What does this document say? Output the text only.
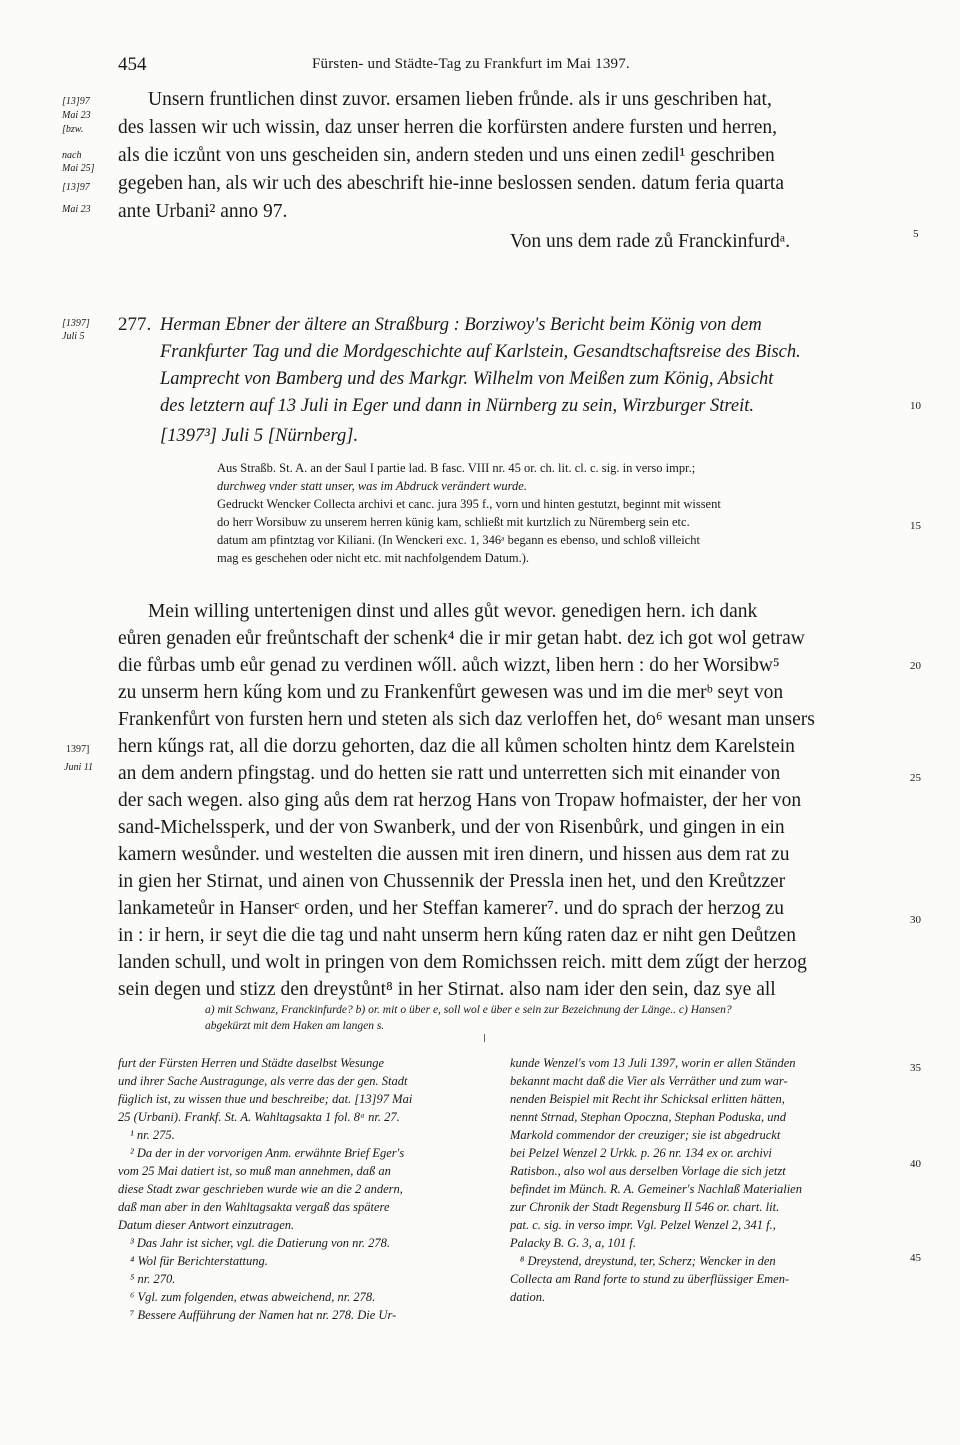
454	Fürsten- und Städte-Tag zu Frankfurt im Mai 1397.
[13]97
Mai 23
[bzw.
nach
Mai 25]
[13]97
Mai 23
Unsern fruntlichen dinst zuvor. ersamen lieben frůnde. als ir uns geschriben hat,
des lassen wir uch wissin, daz unser herren die korfürsten andere fursten und herren,
als die iczůnt von uns gescheiden sin, andern steden und uns einen zedil¹ geschriben
gegeben han, als wir uch des abeschrift hie-inne beslossen senden. datum feria quarta
ante Urbani² anno 97.
Von uns dem rade zů Franckinfurdᵃ.
[1397]
Juli 5
277. Herman Ebner der ältere an Straßburg : Borziwoy's Bericht beim König von dem
Frankfurter Tag und die Mordgeschichte auf Karlstein, Gesandtschaftsreise des Bisch.
Lamprecht von Bamberg und des Markgr. Wilhelm von Meißen zum König, Absicht
des letztern auf 13 Juli in Eger und dann in Nürnberg zu sein, Wirzburger Streit.
[1397³] Juli 5 [Nürnberg].
Aus Straßb. St. A. an der Saul I partie lad. B fasc. VIII nr. 45 or. ch. lit. cl. c. sig. in verso impr.;
durchweg vnder statt unser, was im Abdruck verändert wurde.
Gedruckt Wencker Collecta archivi et canc. jura 395 f., vorn und hinten gestutzt, beginnt mit wissent
do herr Worsibuw zu unserem herren künig kam, schließt mit kurtzlich zu Nüremberg sein etc.
datum am pfintztag vor Kiliani. (In Wenckeri exc. 1, 346ᵃ begann es ebenso, und schloß villeicht
mag es geschehen oder nicht etc. mit nachfolgendem Datum.).
Mein willing untertenigen dinst und alles gůt wevor. genedigen hern. ich dank
eůren genaden eůr freůntschaft der schenk⁴ die ir mir getan habt. dez ich got wol getraw
die fůrbas umb eůr genad zu verdinen wőll. aůch wizzt, liben hern : do her Worsibw⁵
zu unserm hern kűng kom und zu Frankenfůrt gewesen was und im die merᵇ seyt von
Frankenfůrt von fursten hern und steten als sich daz verloffen het, do⁶ wesant man unsers
hern kűngs rat, all die dorzu gehorten, daz die all kůmen scholten hintz dem Karelstein
an dem andern pfingstag. und do hetten sie ratt und unterretten sich mit einander von
der sach wegen. also ging aůs dem rat herzog Hans von Tropaw hofmaister, der her von
sand-Michelssperk, und der von Swanberk, und der von Risenbůrk, und gingen in ein
kamern wesůnder. und westelten die aussen mit iren dinern, und hissen aus dem rat zu
in gien her Stirnat, und ainen von Chussennik der Pressla inen het, und den Kreůtzzer
lankameteůr in Hanserᶜ orden, und her Steffan kamerer⁷. und do sprach der herzog zu
in : ir hern, ir seyt die die tag und naht unserm hern kűng raten daz er niht gen Deůtzen
landen schull, und wolt in pringen von dem Romichssen reich. mitt dem zűgt der herzog
sein degen und stizz den dreystůnt⁸ in her Stirnat. also nam ider den sein, daz sye all
1397]
Juni 11
5
10
15
20
25
30
35
40
45
a) mit Schwanz, Franckinfurde? b) or. mit o über e, soll wol e über e sein zur Bezeichnung der Länge.. c) Hansen?
abgekürzt mit dem Haken am langen s.
furt der Fürsten Herren und Städte daselbst Wesunge
und ihrer Sache Austragunge, als verre das der gen. Stadt
füglich ist, zu wissen thue und beschreibe; dat. [13]97 Mai
25 (Urbani). Frankf. St. A. Wahltagsakta 1 fol. 8ᵃ nr. 27.
¹ nr. 275.
² Da der in der vorvorigen Anm. erwähnte Brief Eger's
vom 25 Mai datiert ist, so muß man annehmen, daß an
diese Stadt zwar geschrieben wurde wie an die 2 andern,
daß man aber in den Wahltagsakta vergaß das spätere
Datum dieser Antwort einzutragen.
³ Das Jahr ist sicher, vgl. die Datierung von nr. 278.
⁴ Wol für Berichterstattung.
⁵ nr. 270.
⁶ Vgl. zum folgenden, etwas abweichend, nr. 278.
⁷ Bessere Aufführung der Namen hat nr. 278. Die Ur-
kunde Wenzel's vom 13 Juli 1397, worin er allen Ständen
bekannt macht daß die Vier als Verräther und zum war-
nenden Beispiel mit Recht ihr Schicksal erlitten hätten,
nennt Strnad, Stephan Opoczna, Stephan Poduska, und
Markold commendor der creuziger; sie ist abgedruckt
bei Pelzel Wenzel 2 Urkk. p. 26 nr. 134 ex or. archivi
Ratisbon., also wol aus derselben Vorlage die sich jetzt
befindet im Münch. R. A. Gemeiner's Nachlaß Materialien
zur Chronik der Stadt Regensburg II 546 or. chart. lit.
pat. c. sig. in verso impr. Vgl. Pelzel Wenzel 2, 341 f.,
Palacky B. G. 3, a, 101 f.
⁸ Dreystend, dreystund, ter, Scherz; Wencker in den
Collecta am Rand forte to stund zu überflüssiger Emen-
dation.
